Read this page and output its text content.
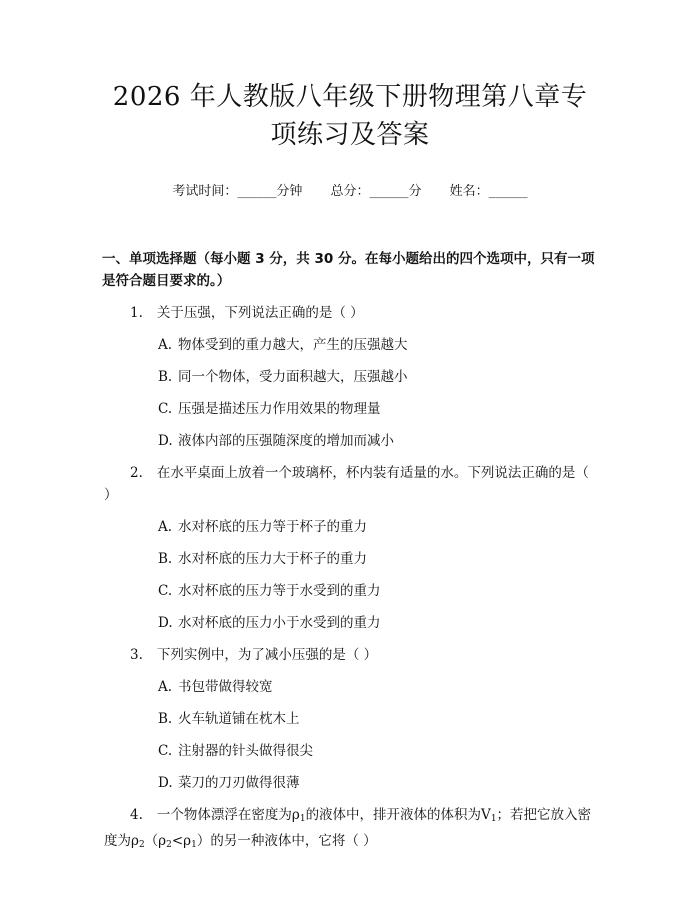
2026 年人教版八年级下册物理第八章专项练习及答案
考试时间：______分钟 总分：______分 姓名：______
一、单项选择题（每小题 3 分，共 30 分。在每小题给出的四个选项中，只有一项是符合题目要求的。）
1. 关于压强，下列说法正确的是（ ）
A. 物体受到的重力越大，产生的压强越大
B. 同一个物体，受力面积越大，压强越小
C. 压强是描述压力作用效果的物理量
D. 液体内部的压强随深度的增加而减小
2. 在水平桌面上放着一个玻璃杯，杯内装有适量的水。下列说法正确的是（ ）
A. 水对杯底的压力等于杯子的重力
B. 水对杯底的压力大于杯子的重力
C. 水对杯底的压力等于水受到的重力
D. 水对杯底的压力小于水受到的重力
3. 下列实例中，为了减小压强的是（ ）
A. 书包带做得较宽
B. 火车轨道铺在枕木上
C. 注射器的针头做得很尖
D. 菜刀的刀刃做得很薄
4. 一个物体漂浮在密度为$\rho_1$的液体中，排开液体的体积为$V_1$；若把它放入密度为$\rho_2(\rho_2<\rho_1)$的另一种液体中，它将（ ）
